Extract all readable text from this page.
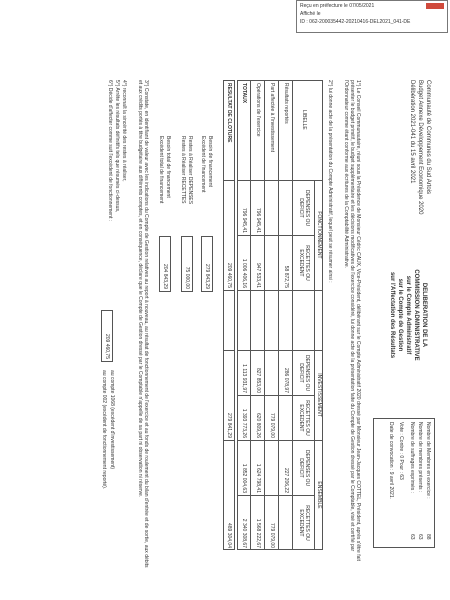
Reçu en préfecture le 07/05/2021
Affiché le
ID : 062-200035442-20210416-DEL2021_041-DE
Communauté de Communes du Sud Artois
Budget Annexe Développement Economique 2020
Délibération 2021-041 du 15 avril 2021
DELIBERATION DE LA
COMMISSION ADMINISTRATIVE
sur le Compte Administratif
sur le Compte de Gestion
sur l'Affectation des Résultats
Nombre de Membres en exercice :
88
Nombre de membres présents :
63
Nombre de suffrages exprimés :
63
Vote : Contre : 0 Pour : 63
Date de convocation : 9 avril 2021.
1°) Le Conseil Communautaire, réuni sous la Présidence de Monsieur Cédric CAUX, Vice-Président, délibérant sur le Compte Administratif 2020 dressé par Monsieur Jean-Jacques COTTEL, Président, après s'être fait présenter le budget primitif, le budget supplémentaire et les décisions modificatives de l'exercice considéré, lui donne acte de la présentation faite du Compte de Gestion dressé par le Comptable, visé et certifié par l'Ordonnateur comme étant conforme aux écritures de la Comptabilité Administrative.
2°) lui donne acte de la présentation du Compte Administratif, lequel peut se résumer ainsi :
FONCTIONNEMENT
INVESTISSEMENT
ENSEMBLE
LIBELLE
DEPENSES OU DEFICIT
RECETTES OU EXCEDENT
DEPENSES OU DEFICIT
RECETTES OU EXCEDENT
DEPENSES OU DEFICIT
RECETTES OU EXCEDENT
Résultats reportés
58 872,75
286 078,97
227 206,22
Part affectée à l'investissement
779 079,00
779 079,00
Opérations de l'exercice
796 945,41
947 533,41
827 853,00
620 809,26
1 624 798,41
1 568 222,67
TOTAUX
796 945,41
1 006 406,16
1 113 931,97
1 393 773,26
1 852 004,63
2 340 308,67
RESULTAT DE CLOTURE
209 460,75
279 841,29
489 304,04
Besoin de financement
Excédent de financement
279 843,29
Restes à Réaliser DEPENSES
Restes à Réaliser RECETTES
75 000,00
Besoin total de financement
Excédent total de financement
204 843,29
3°) Constate, en identifiant de valeur avec les indications du Compte de Gestion relatives au report à nouveau, au résultat de fonctionnement de l'exercice et au fonds de roulement du bilan d'entrée et de sortie, aux débits et aux crédits portés à titre budgétaire aux différents comptes, et en conséquence, déclare que le Compte de Gestion dressé par le Comptable n'appelle de sa part ni observation ni réserve.
4°) reconnaît la sincérité des restes à réaliser,
5°) Arrête les résultats définitifs tels que résumés ci-dessus,
6°) Décide d'affecter comme suit l'excédent de fonctionnement :
209 460,75
au compte 1068 (excédent d'investissement)
au compte 002 (excédent de fonctionnement reporté).
